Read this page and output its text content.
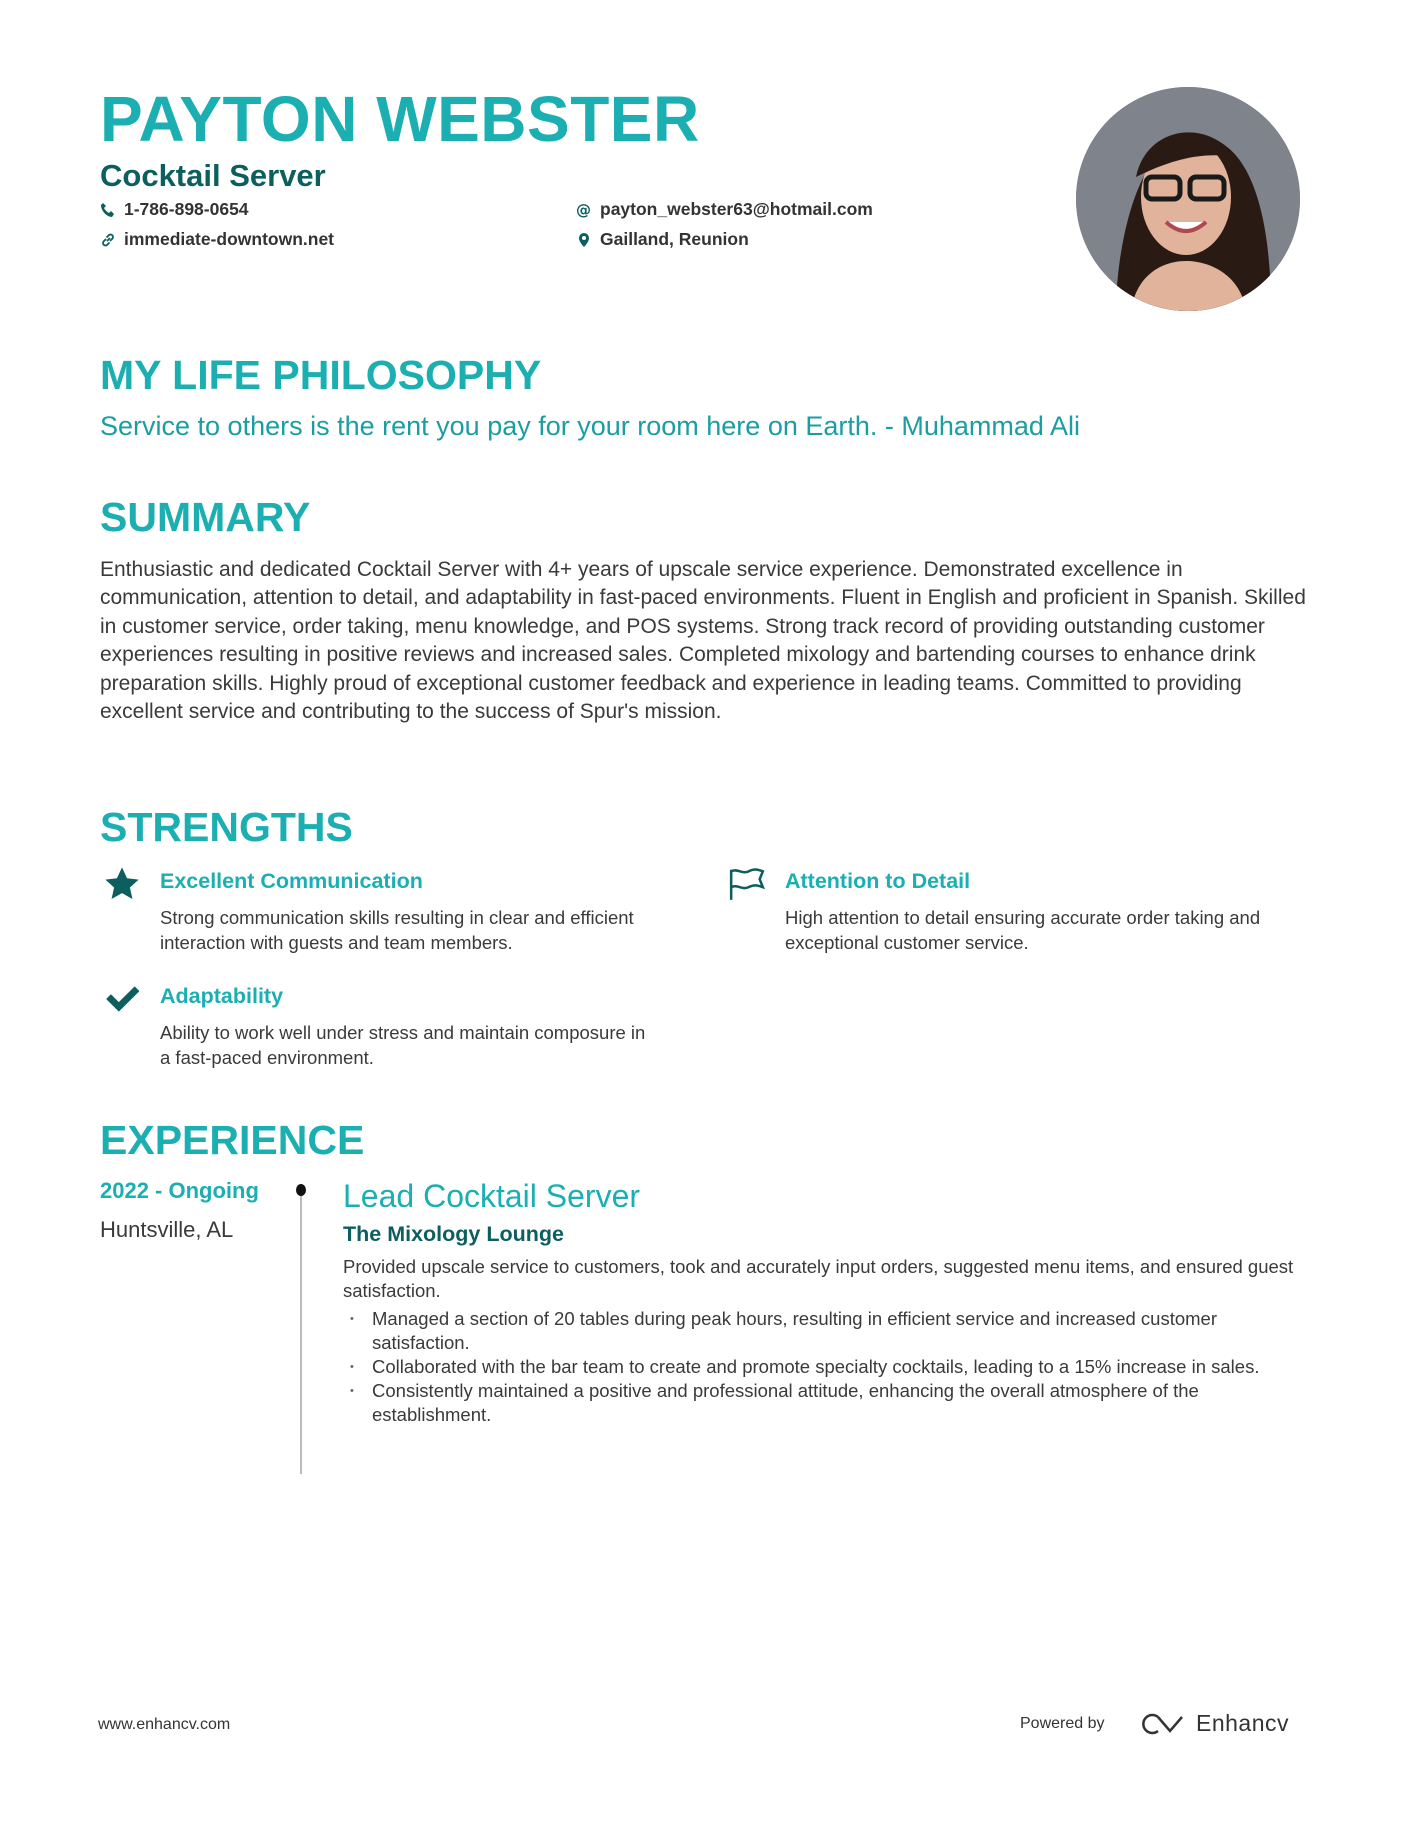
PAYTON WEBSTER
Cocktail Server
1-786-898-0654
immediate-downtown.net
@ payton_webster63@hotmail.com
Gailland, Reunion
MY LIFE PHILOSOPHY
Service to others is the rent you pay for your room here on Earth. - Muhammad Ali
SUMMARY
Enthusiastic and dedicated Cocktail Server with 4+ years of upscale service experience. Demonstrated excellence in communication, attention to detail, and adaptability in fast-paced environments. Fluent in English and proficient in Spanish. Skilled in customer service, order taking, menu knowledge, and POS systems. Strong track record of providing outstanding customer experiences resulting in positive reviews and increased sales. Completed mixology and bartending courses to enhance drink preparation skills. Highly proud of exceptional customer feedback and experience in leading teams. Committed to providing excellent service and contributing to the success of Spur's mission.
STRENGTHS
Excellent Communication
Strong communication skills resulting in clear and efficient interaction with guests and team members.
Attention to Detail
High attention to detail ensuring accurate order taking and exceptional customer service.
Adaptability
Ability to work well under stress and maintain composure in a fast-paced environment.
EXPERIENCE
2022 - Ongoing
Huntsville, AL
Lead Cocktail Server
The Mixology Lounge
Provided upscale service to customers, took and accurately input orders, suggested menu items, and ensured guest satisfaction.
• Managed a section of 20 tables during peak hours, resulting in efficient service and increased customer satisfaction.
• Collaborated with the bar team to create and promote specialty cocktails, leading to a 15% increase in sales.
• Consistently maintained a positive and professional attitude, enhancing the overall atmosphere of the establishment.
www.enhancv.com	Powered by	Enhancv
